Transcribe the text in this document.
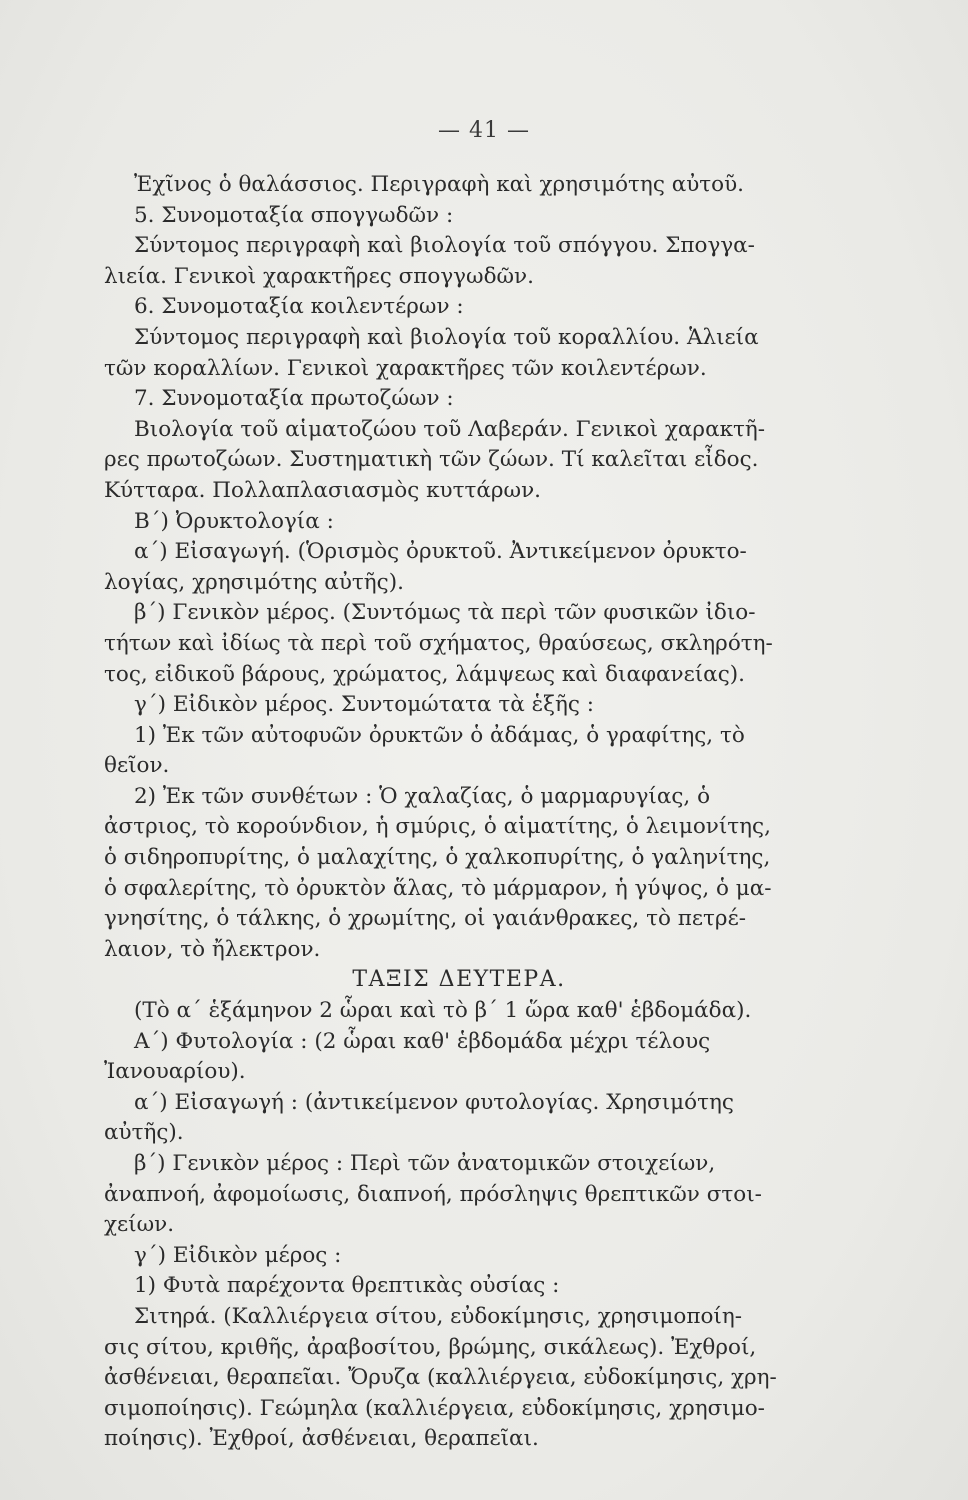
— 41 —
Ἐχῖνος ὁ θαλάσσιος. Περιγραφὴ καὶ χρησιμότης αὐτοῦ.
5. Συνομοταξία σπογγωδῶν :
Σύντομος περιγραφὴ καὶ βιολογία τοῦ σπόγγου. Σπογγα-
λιεία. Γενικοὶ χαρακτῆρες σπογγωδῶν.
6. Συνομοταξία κοιλεντέρων :
Σύντομος περιγραφὴ καὶ βιολογία τοῦ κοραλλίου. Ἁλιεία
τῶν κοραλλίων. Γενικοὶ χαρακτῆρες τῶν κοιλεντέρων.
7. Συνομοταξία πρωτοζώων :
Βιολογία τοῦ αἱματοζώου τοῦ Λαβεράν. Γενικοὶ χαρακτῆ-
ρες πρωτοζώων. Συστηματικὴ τῶν ζώων. Τί καλεῖται εἶδος.
Κύτταρα. Πολλαπλασιασμὸς κυττάρων.
Β΄) Ὀρυκτολογία :
α΄) Εἰσαγωγή. (Ὁρισμὸς ὀρυκτοῦ. Ἀντικείμενον ὀρυκτο-
λογίας, χρησιμότης αὐτῆς).
β΄) Γενικὸν μέρος. (Συντόμως τὰ περὶ τῶν φυσικῶν ἰδιο-
τήτων καὶ ἰδίως τὰ περὶ τοῦ σχήματος, θραύσεως, σκληρότη-
τος, εἰδικοῦ βάρους, χρώματος, λάμψεως καὶ διαφανείας).
γ΄) Εἰδικὸν μέρος. Συντομώτατα τὰ ἑξῆς :
1) Ἐκ τῶν αὐτοφυῶν ὀρυκτῶν ὁ ἀδάμας, ὁ γραφίτης, τὸ
θεῖον.
2) Ἐκ τῶν συνθέτων : Ὁ χαλαζίας, ὁ μαρμαρυγίας, ὁ
ἀστριος, τὸ κορούνδιον, ἡ σμύρις, ὁ αἱματίτης, ὁ λειμονίτης,
ὁ σιδηροπυρίτης, ὁ μαλαχίτης, ὁ χαλκοπυρίτης, ὁ γαληνίτης,
ὁ σφαλερίτης, τὸ ὀρυκτὸν ἅλας, τὸ μάρμαρον, ἡ γύψος, ὁ μα-
γνησίτης, ὁ τάλκης, ὁ χρωμίτης, οἱ γαιάνθρακες, τὸ πετρέ-
λαιον, τὸ ἤλεκτρον.
ΤΑΞΙΣ ΔΕΥΤΕΡΑ.
(Τὸ α΄ ἑξάμηνον 2 ὧραι καὶ τὸ β΄ 1 ὥρα καθ' ἑβδομάδα).
Α΄) Φυτολογία : (2 ὧραι καθ' ἑβδομάδα μέχρι τέλους
Ἰανουαρίου).
α΄) Εἰσαγωγή : (ἀντικείμενον φυτολογίας. Χρησιμότης
αὐτῆς).
β΄) Γενικὸν μέρος : Περὶ τῶν ἀνατομικῶν στοιχείων,
ἀναπνοή, ἀφομοίωσις, διαπνοή, πρόσληψις θρεπτικῶν στοι-
χείων.
γ΄) Εἰδικὸν μέρος :
1) Φυτὰ παρέχοντα θρεπτικὰς οὐσίας :
Σιτηρά. (Καλλιέργεια σίτου, εὐδοκίμησις, χρησιμοποίη-
σις σίτου, κριθῆς, ἀραβοσίτου, βρώμης, σικάλεως). Ἐχθροί,
ἀσθένειαι, θεραπεῖαι. Ὄρυζα (καλλιέργεια, εὐδοκίμησις, χρη-
σιμοποίησις). Γεώμηλα (καλλιέργεια, εὐδοκίμησις, χρησιμο-
ποίησις). Ἐχθροί, ἀσθένειαι, θεραπεῖαι.
